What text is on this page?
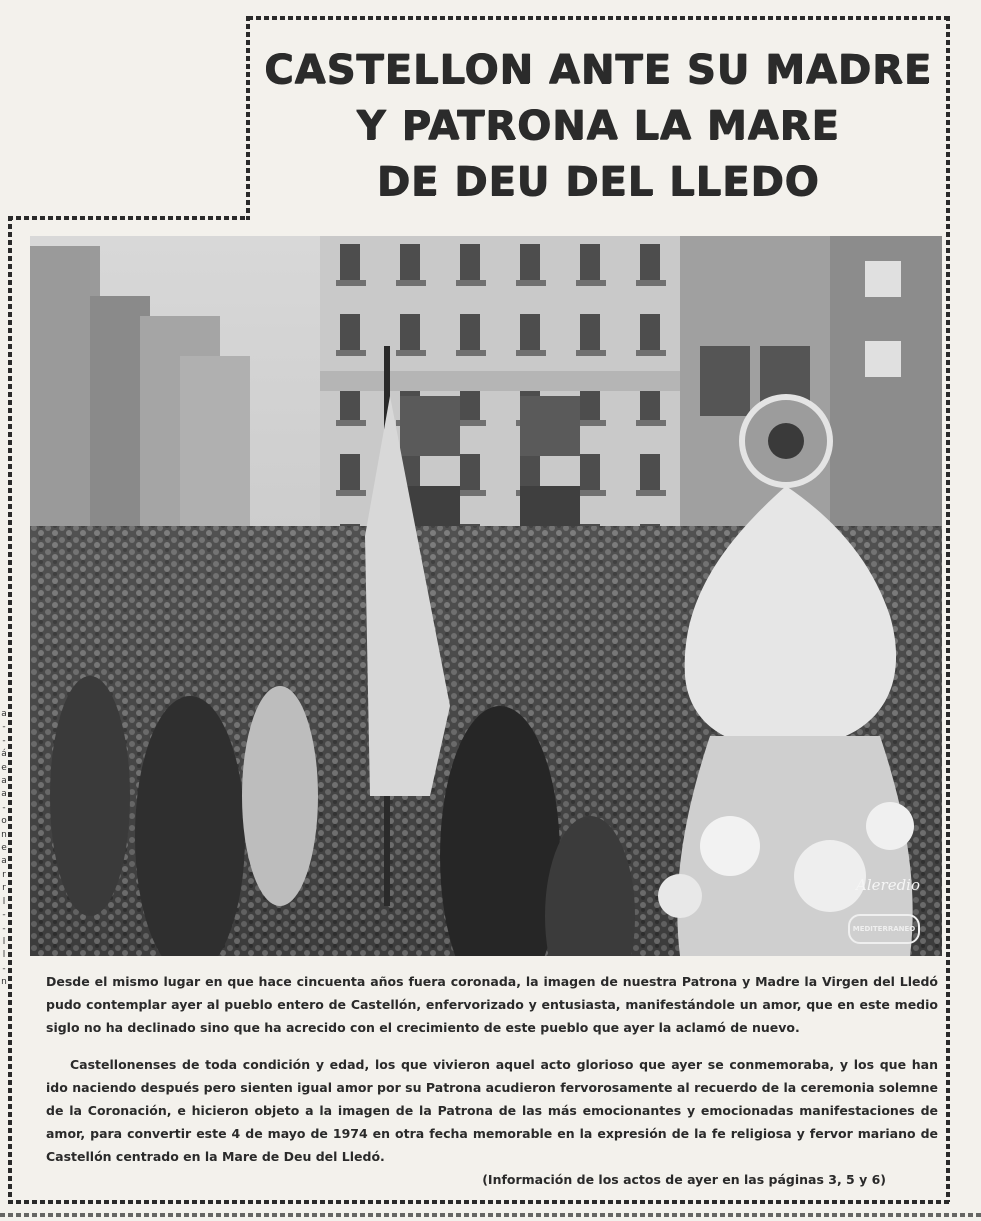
CASTELLON ANTE SU MADRE
Y PATRONA LA MARE
DE DEU DEL LLEDO
Aleredio
MEDITERRANEO

Desde el mismo lugar en que hace cincuenta años fuera coronada, la imagen de nuestra Patrona y Madre la Virgen del Lledó pudo contemplar ayer al pueblo entero de Castellón, enfervorizado y entusiasta, manifestándole un amor, que en este medio siglo no ha declinado sino que ha acrecido con el crecimiento de este pueblo que ayer la aclamó de nuevo.

Castellonenses de toda condición y edad, los que vivieron aquel acto glorioso que ayer se conmemoraba, y los que han ido naciendo después pero sienten igual amor por su Patrona acudieron fervorosamente al recuerdo de la ceremonia solemne de la Coronación, e hicieron objeto a la imagen de la Patrona de las más emocionantes y emocionadas manifestaciones de amor, para convertir este 4 de mayo de 1974 en otra fecha memorable en la expresión de la fe religiosa y fervor mariano de Castellón centrado en la Mare de Deu del Lledó.

(Información de los actos de ayer en las páginas 3, 5 y 6)

a
-
-
á
e
a
a
-
o
n
e
a
r
r
l
-
-
l
l
-
n
